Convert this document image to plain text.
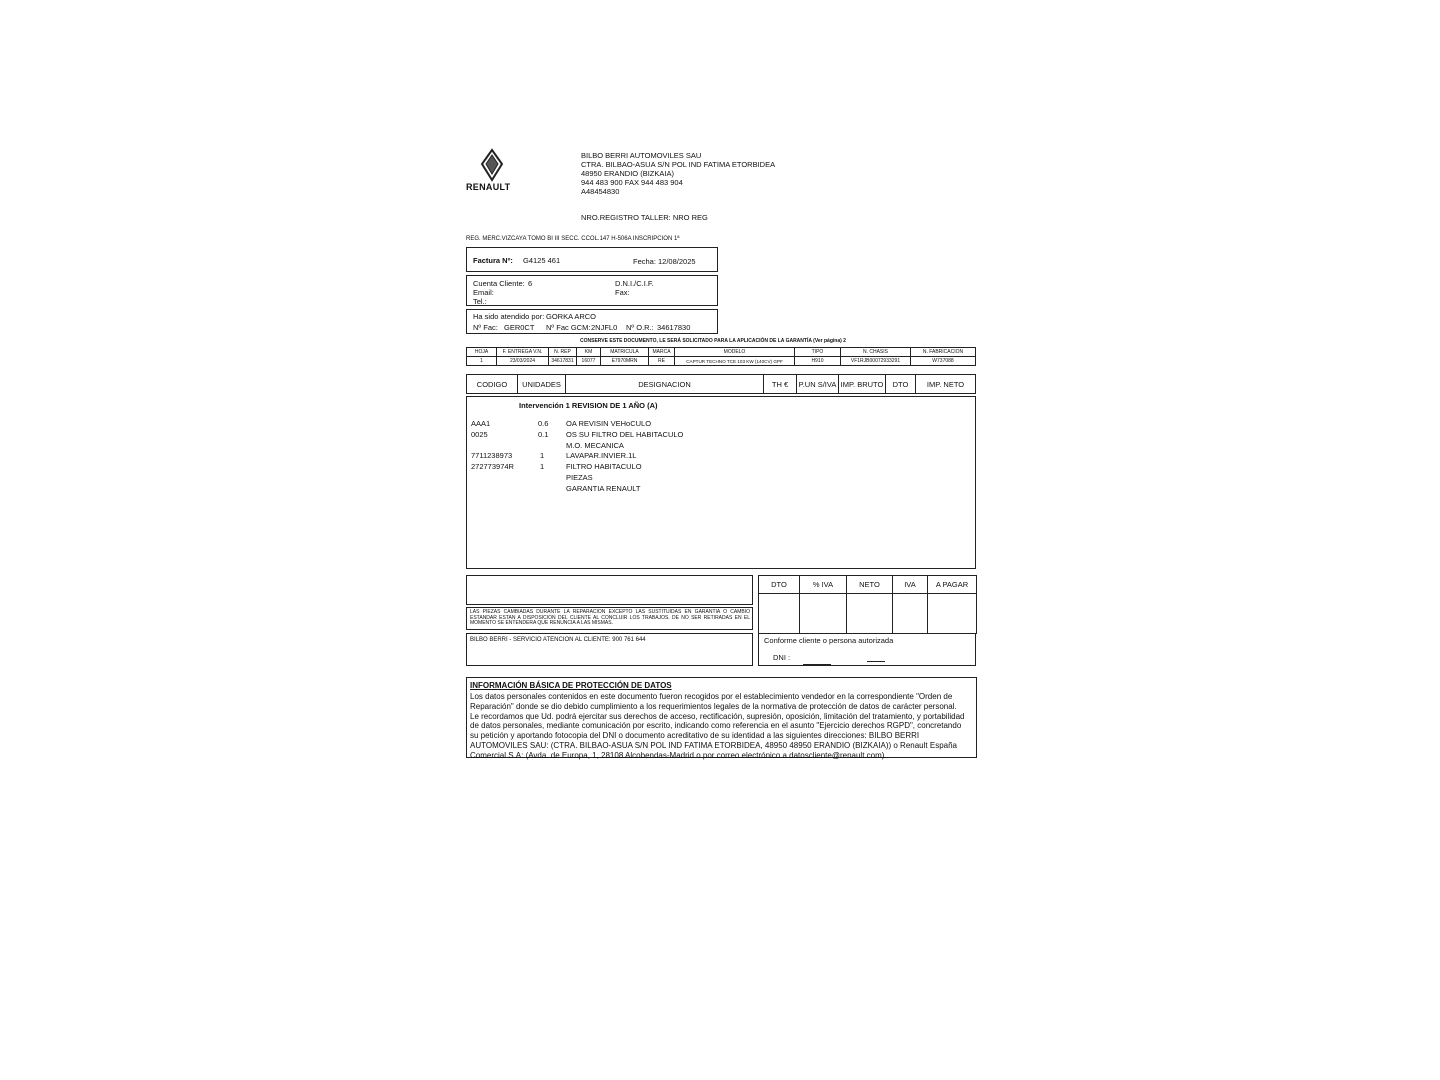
RENAULT
BILBO BERRI AUTOMOVILES SAU
CTRA. BILBAO-ASUA S/N POL IND FATIMA ETORBIDEA
48950 ERANDIO (BIZKAIA)
944 483 900 FAX 944 483 904
A48454830
NRO.REGISTRO TALLER: NRO REG
REG. MERC.VIZCAYA TOMO BI III SECC. CCOL.147 H-506A INSCRIPCION 1ª
Factura Nº: G4125 461	Fecha: 12/08/2025
Cuenta Cliente: 6
Email:
Tel.:
D.N.I./C.I.F.
Fax:
Ha sido atendido por: GORKA ARCO
Nº Fac: GER0CT Nº Fac GCM: 2NJFL0 Nº O.R.: 34617830
CONSERVE ESTE DOCUMENTO, LE SERÁ SOLICITADO PARA LA APLICACIÓN DE LA GARANTÍA (Ver página) 2
HOJA	F. ENTREGA V.N.	N. REP	KM	MATRICULA	MARCA	MODELO	TIPO	N. CHASIS	N. FABRICACION
1	23/03/2024	34617831	16077	E7970MRN	RE	CAPTUR TECHNO TCE 103 KW (140CV) GPF	H910	VF1RJB00072933291	W737088
CODIGO	UNIDADES	DESIGNACION	TH €	P.UN S/IVA	IMP. BRUTO	DTO	IMP. NETO
Intervención 1 REVISION DE 1 AÑO (A)
AAA1	0.6 OA REVISIN VEHoCULO
0025	0.1 OS SU FILTRO DEL HABITACULO
M.O. MECANICA
7711238973	1	LAVAPAR.INVIER.1L
272773974R	1	FILTRO HABITACULO
PIEZAS
GARANTIA RENAULT
LAS PIEZAS CAMBIADAS DURANTE LA REPARACION EXCEPTO LAS SUSTITUIDAS EN GARANTIA O CAMBIO ESTANDAR ESTAN A DISPOSICION DEL CLIENTE AL CONCLUIR LOS TRABAJOS. DE NO SER RETIRADAS EN EL MOMENTO SE ENTENDERA QUE RENUNCIA A LAS MISMAS.
BILBO BERRI - SERVICIO ATENCION AL CLIENTE: 900 761 644
DTO	% IVA	NETO	IVA	A PAGAR

Conforme cliente o persona autorizada
DNI :
INFORMACIÓN BÁSICA DE PROTECCIÓN DE DATOS
Los datos personales contenidos en este documento fueron recogidos por el establecimiento vendedor en la correspondiente "Orden de
Reparación" donde se dio debido cumplimiento a los requerimientos legales de la normativa de protección de datos de carácter personal.
Le recordamos que Ud. podrá ejercitar sus derechos de acceso, rectificación, supresión, oposición, limitación del tratamiento, y portabilidad
de datos personales, mediante comunicación por escrito, indicando como referencia en el asunto "Ejercicio derechos RGPD", concretando
su petición y aportando fotocopia del DNI o documento acreditativo de su identidad a las siguientes direcciones: BILBO BERRI
AUTOMOVILES SAU: (CTRA. BILBAO-ASUA S/N POL IND FATIMA ETORBIDEA, 48950 48950 ERANDIO (BIZKAIA)) o Renault España
Comercial S.A: (Avda. de Europa, 1, 28108 Alcobendas-Madrid o por correo electrónico a datoscliente@renault.com).
